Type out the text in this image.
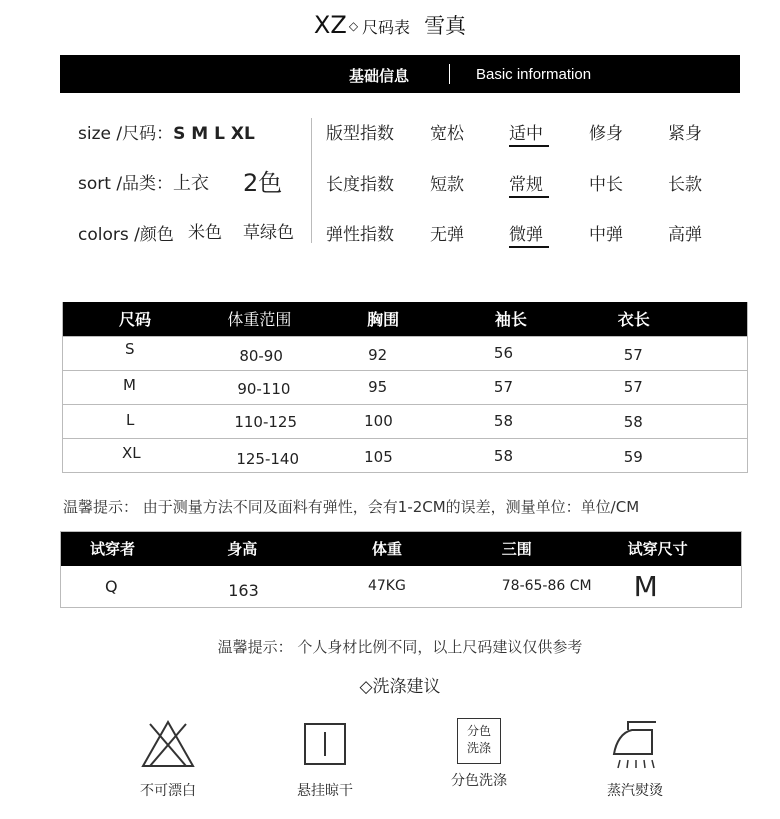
XZ ◇ 尺码表 雪真
基础信息	Basic information
size /尺码：S M L XL
sort /品类：上衣 2色
colors /颜色 米色 草绿色
版型指数 宽松	适中	修身	紧身
长度指数 短款	常规	中长	长款
弹性指数 无弹	微弹	中弹	高弹
尺码	体重范围	胸围	袖长	衣长
S	80-90	92	56	57
M	90-110	95	57	57
L	110-125	100	58	58
XL	125-140	105	58	59
温馨提示： 由于测量方法不同及面料有弹性，会有1-2CM的误差，测量单位：单位/CM
试穿者	身高	体重	三围	试穿尺寸
Q	163	47KG	78-65-86 CM	M
温馨提示： 个人身材比例不同，以上尺码建议仅供参考
◇洗涤建议
不可漂白	悬挂晾干
分色
洗涤
分色洗涤
蒸汽熨烫
